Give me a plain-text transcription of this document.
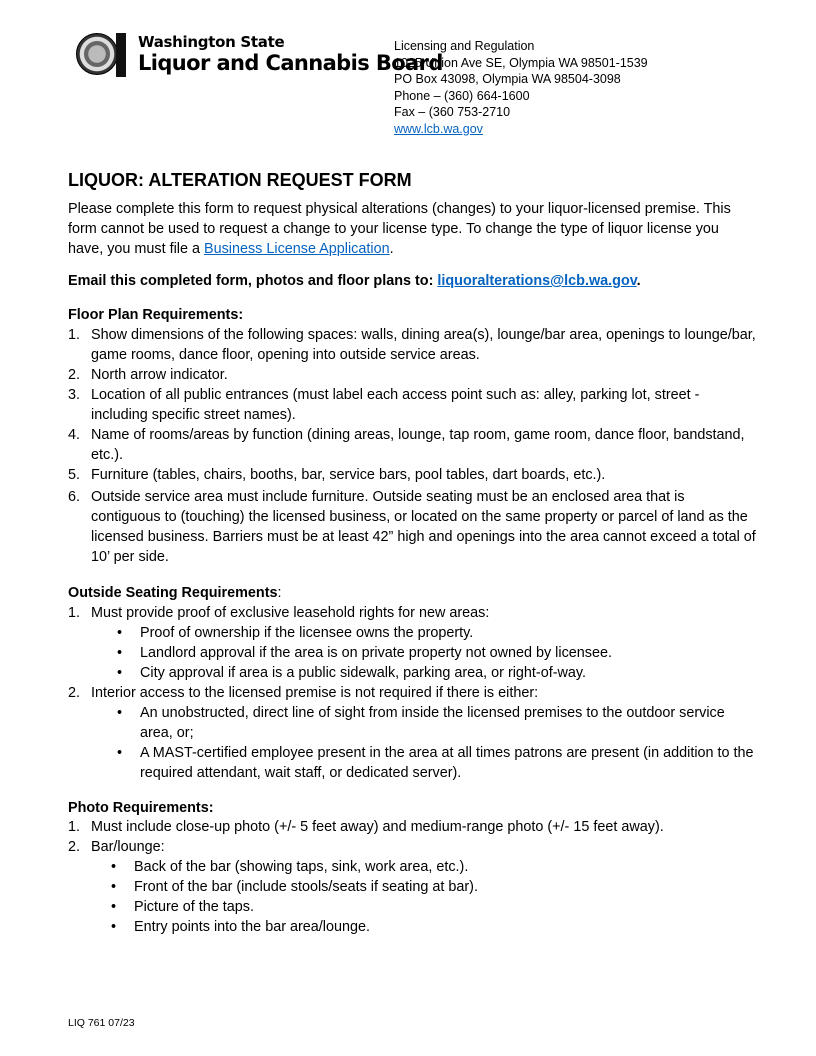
Washington State
Liquor and Cannabis Board
Licensing and Regulation
1025 Union Ave SE, Olympia WA 98501-1539
PO Box 43098, Olympia WA 98504-3098
Phone – (360) 664-1600
Fax – (360 753-2710
www.lcb.wa.gov
LIQUOR: ALTERATION REQUEST FORM

Please complete this form to request physical alterations (changes) to your liquor-licensed premise. This form cannot be used to request a change to your license type. To change the type of liquor license you have, you must file a Business License Application.

Email this completed form, photos and floor plans to: liquoralterations@lcb.wa.gov.

Floor Plan Requirements:
1. Show dimensions of the following spaces: walls, dining area(s), lounge/bar area, openings to lounge/bar, game rooms, dance floor, opening into outside service areas.
2. North arrow indicator.
3. Location of all public entrances (must label each access point such as: alley, parking lot, street - including specific street names).
4. Name of rooms/areas by function (dining areas, lounge, tap room, game room, dance floor, bandstand, etc.).
5. Furniture (tables, chairs, booths, bar, service bars, pool tables, dart boards, etc.).
6. Outside service area must include furniture. Outside seating must be an enclosed area that is contiguous to (touching) the licensed business, or located on the same property or parcel of land as the licensed business. Barriers must be at least 42” high and openings into the area cannot exceed a total of 10’ per side.
Outside Seating Requirements:
1. Must provide proof of exclusive leasehold rights for new areas:
• Proof of ownership if the licensee owns the property.
• Landlord approval if the area is on private property not owned by licensee.
• City approval if area is a public sidewalk, parking area, or right-of-way.
2. Interior access to the licensed premise is not required if there is either:
• An unobstructed, direct line of sight from inside the licensed premises to the outdoor service area, or;
• A MAST-certified employee present in the area at all times patrons are present (in addition to the required attendant, wait staff, or dedicated server).
Photo Requirements:
1. Must include close-up photo (+/- 5 feet away) and medium-range photo (+/- 15 feet away).
2. Bar/lounge:
• Back of the bar (showing taps, sink, work area, etc.).
• Front of the bar (include stools/seats if seating at bar).
• Picture of the taps.
• Entry points into the bar area/lounge.
LIQ 761 07/23
